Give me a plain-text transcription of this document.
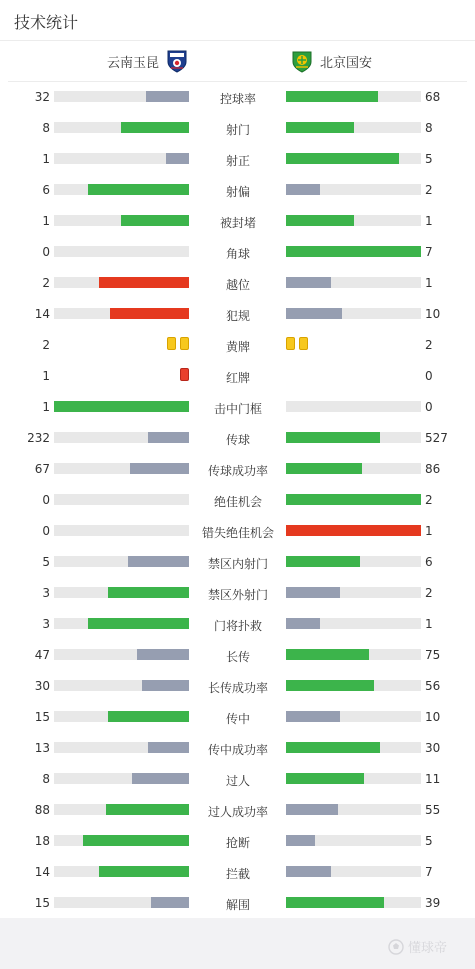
技术统计
云南玉昆	北京国安
32	控球率	68
8	射门	8
1	射正	5
6	射偏	2
1	被封堵	1
0	角球	7
2	越位	1
14	犯规	10
2	黄牌	2
1	红牌	0
1	击中门框	0
232	传球	527
67	传球成功率	86
0	绝佳机会	2
0	错失绝佳机会	1
5	禁区内射门	6
3	禁区外射门	2
3	门将扑救	1
47	长传	75
30	长传成功率	56
15	传中	10
13	传中成功率	30
8	过人	11
88	过人成功率	55
18	抢断	5
14	拦截	7
15	解围	39
懂球帝
